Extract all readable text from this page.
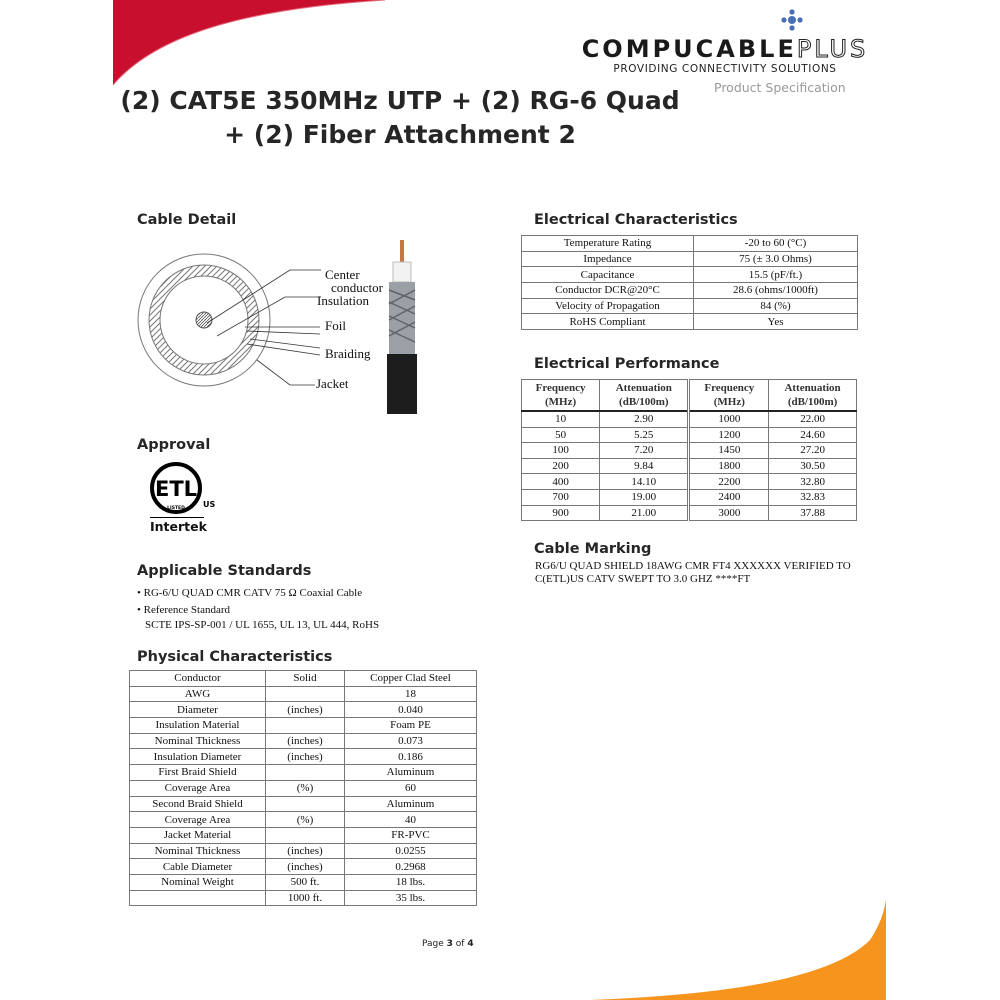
COMPUCABLEPLUS
PROVIDING CONNECTIVITY SOLUTIONS
Product Specification
(2) CAT5E 350MHz UTP + (2) RG-6 Quad
+ (2) Fiber Attachment 2
Cable Detail
Center
conductor
Insulation
Foil
Braiding
Jacket
Approval
ETL
LISTED US
Intertek
Applicable Standards
• RG-6/U QUAD CMR CATV 75 Ω Coaxial Cable
• Reference Standard
SCTE IPS-SP-001 / UL 1655, UL 13, UL 444, RoHS
Physical Characteristics
Conductor	Solid	Copper Clad Steel
AWG		18
Diameter	(inches)	0.040
Insulation Material		Foam PE
Nominal Thickness	(inches)	0.073
Insulation Diameter	(inches)	0.186
First Braid Shield		Aluminum
Coverage Area	(%)	60
Second Braid Shield		Aluminum
Coverage Area	(%)	40
Jacket Material		FR-PVC
Nominal Thickness	(inches)	0.0255
Cable Diameter	(inches)	0.2968
Nominal Weight	500 ft.	18 lbs.
	1000 ft.	35 lbs.
Electrical Characteristics
Temperature Rating	-20 to 60 (°C)
Impedance	75 (± 3.0 Ohms)
Capacitance	15.5 (pF/ft.)
Conductor DCR@20°C	28.6 (ohms/1000ft)
Velocity of Propagation	84 (%)
RoHS Compliant	Yes
Electrical Performance
Frequency
(MHz)	Attenuation
(dB/100m)	Frequency
(MHz)	Attenuation
(dB/100m)
10	2.90	1000	22.00
50	5.25	1200	24.60
100	7.20	1450	27.20
200	9.84	1800	30.50
400	14.10	2200	32.80
700	19.00	2400	32.83
900	21.00	3000	37.88
Cable Marking
RG6/U QUAD SHIELD 18AWG CMR FT4 XXXXXX VERIFIED TO
C(ETL)US CATV SWEPT TO 3.0 GHZ ****FT
Page 3 of 4
